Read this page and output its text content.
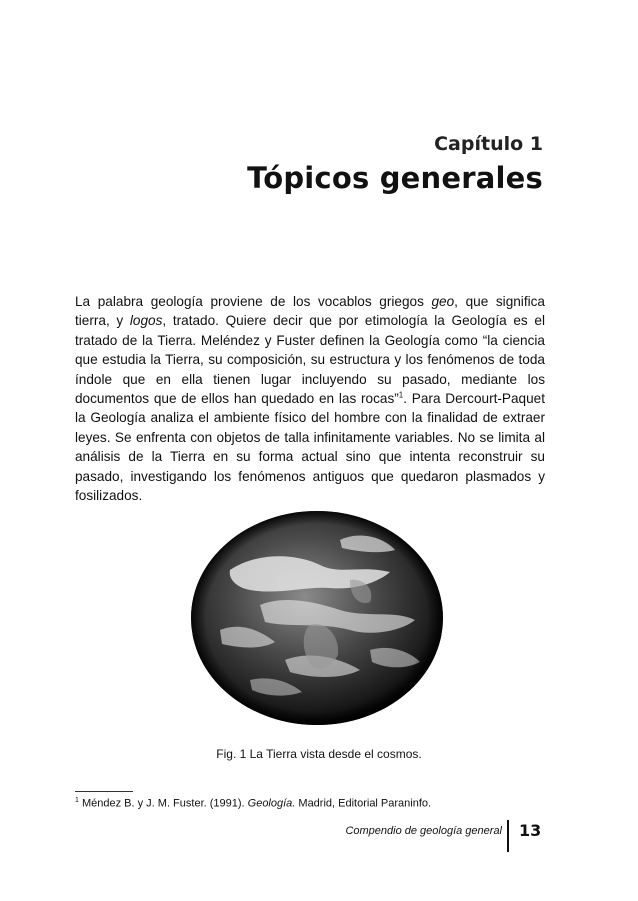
Capítulo 1
Tópicos generales

La palabra geología proviene de los vocablos griegos geo, que significa tierra, y logos, tratado. Quiere decir que por etimología la Geología es el tratado de la Tierra. Meléndez y Fuster definen la Geología como “la ciencia que estudia la Tierra, su composición, su estructura y los fenómenos de toda índole que en ella tienen lugar incluyendo su pasado, mediante los documentos que de ellos han quedado en las rocas”$^1$. Para Dercourt-Paquet la Geología analiza el ambiente físico del hombre con la finalidad de extraer leyes. Se enfrenta con objetos de talla infinitamente variables. No se limita al análisis de la Tierra en su forma actual sino que intenta reconstruir su pasado, investigando los fenómenos antiguos que quedaron plasmados y fosilizados.

Fig. 1 La Tierra vista desde el cosmos.
$^1$ Méndez B. y J. M. Fuster. (1991). Geología. Madrid, Editorial Paraninfo.
Compendio de geología general 13
